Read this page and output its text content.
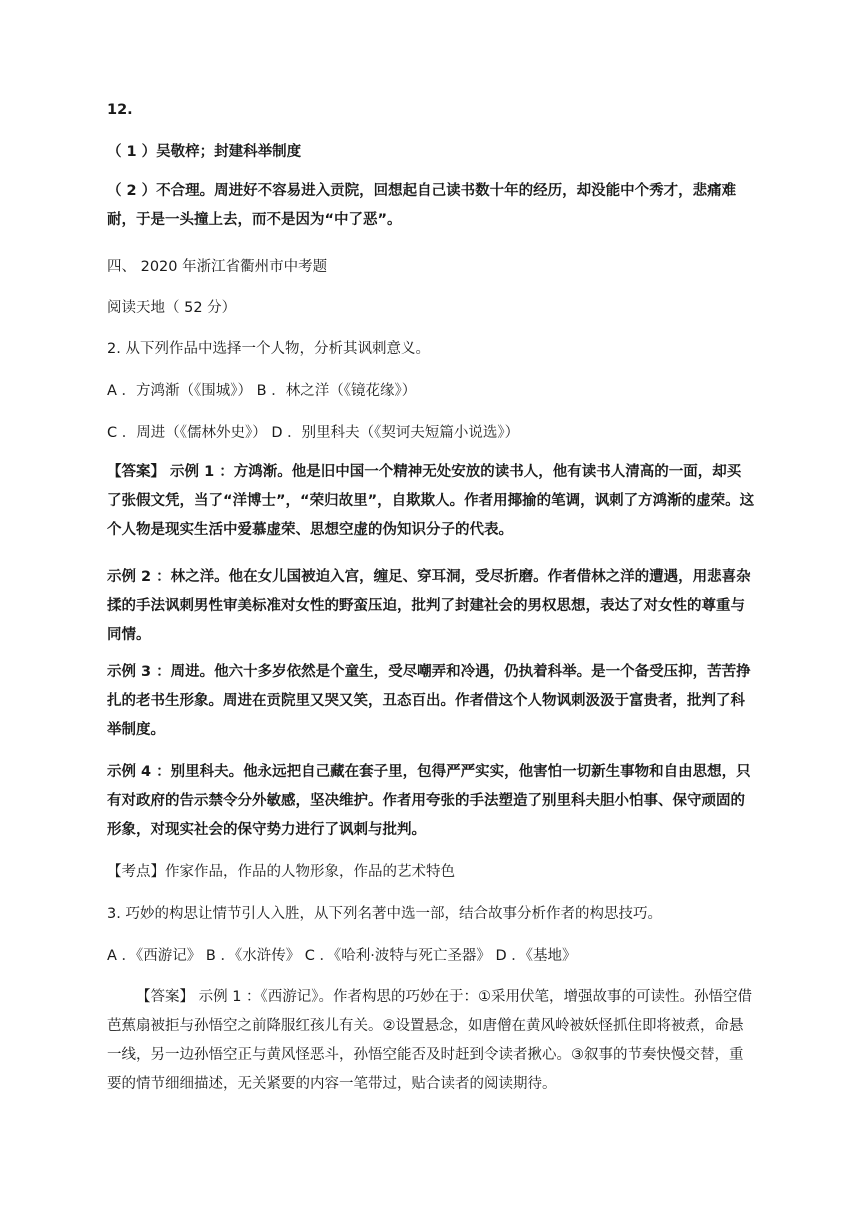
12.
（ 1 ）吴敬梓；封建科举制度
（ 2 ）不合理。周进好不容易进入贡院，回想起自己读书数十年的经历，却没能中个秀才，悲痛难耐，于是一头撞上去，而不是因为“中了恶”。
四、 2020 年浙江省衢州市中考题
阅读天地（ 52 分）
2. 从下列作品中选择一个人物，分析其讽刺意义。
A ．方鸿渐（《围城》） B ．林之洋（《镜花缘》）
C ．周进（《儒林外史》） D ．别里科夫（《契诃夫短篇小说选》）
【答案】 示例 1 ：方鸿渐。他是旧中国一个精神无处安放的读书人，他有读书人清高的一面，却买了张假文凭，当了“洋博士”，“荣归故里”，自欺欺人。作者用揶揄的笔调，讽刺了方鸿渐的虚荣。这个人物是现实生活中爱慕虚荣、思想空虚的伪知识分子的代表。
示例 2 ：林之洋。他在女儿国被迫入宫，缠足、穿耳洞，受尽折磨。作者借林之洋的遭遇，用悲喜杂揉的手法讽刺男性审美标准对女性的野蛮压迫，批判了封建社会的男权思想，表达了对女性的尊重与同情。
示例 3 ：周进。他六十多岁依然是个童生，受尽嘲弄和冷遇，仍执着科举。是一个备受压抑，苦苦挣扎的老书生形象。周进在贡院里又哭又笑，丑态百出。作者借这个人物讽刺汲汲于富贵者，批判了科举制度。
示例 4 ：别里科夫。他永远把自己藏在套子里，包得严严实实，他害怕一切新生事物和自由思想，只有对政府的告示禁令分外敏感，坚决维护。作者用夸张的手法塑造了别里科夫胆小怕事、保守顽固的形象，对现实社会的保守势力进行了讽刺与批判。
【考点】作家作品，作品的人物形象，作品的艺术特色
3. 巧妙的构思让情节引人入胜，从下列名著中选一部，结合故事分析作者的构思技巧。
A ．《西游记》 B ．《水浒传》 C ．《哈利·波特与死亡圣器》 D ．《基地》
【答案】 示例 1 ：《西游记》。作者构思的巧妙在于：①采用伏笔，增强故事的可读性。孙悟空借芭蕉扇被拒与孙悟空之前降服红孩儿有关。②设置悬念，如唐僧在黄风岭被妖怪抓住即将被煮，命悬一线，另一边孙悟空正与黄风怪恶斗，孙悟空能否及时赶到令读者揪心。③叙事的节奏快慢交替，重要的情节细细描述，无关紧要的内容一笔带过，贴合读者的阅读期待。
